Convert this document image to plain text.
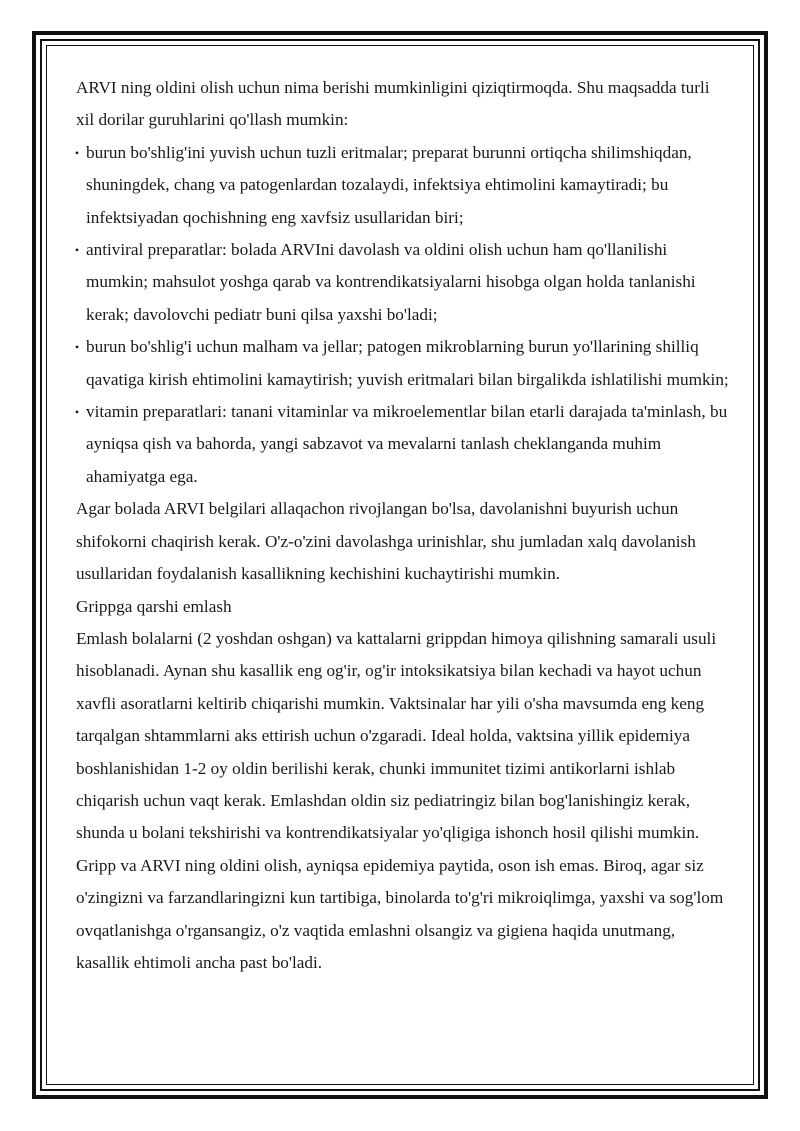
ARVI ning oldini olish uchun nima berishi mumkinligini qiziqtirmoqda. Shu maqsadda turli xil dorilar guruhlarini qo'llash mumkin:

• burun bo'shlig'ini yuvish uchun tuzli eritmalar; preparat burunni ortiqcha shilimshiqdan, shuningdek, chang va patogenlardan tozalaydi, infektsiya ehtimolini kamaytiradi; bu infektsiyadan qochishning eng xavfsiz usullaridan biri;
• antiviral preparatlar: bolada ARVIni davolash va oldini olish uchun ham qo'llanilishi mumkin; mahsulot yoshga qarab va kontrendikatsiyalarni hisobga olgan holda tanlanishi kerak; davolovchi pediatr buni qilsa yaxshi bo'ladi;
• burun bo'shlig'i uchun malham va jellar; patogen mikroblarning burun yo'llarining shilliq qavatiga kirish ehtimolini kamaytirish; yuvish eritmalari bilan birgalikda ishlatilishi mumkin;
• vitamin preparatlari: tanani vitaminlar va mikroelementlar bilan etarli darajada ta'minlash, bu ayniqsa qish va bahorda, yangi sabzavot va mevalarni tanlash cheklanganda muhim ahamiyatga ega.

Agar bolada ARVI belgilari allaqachon rivojlangan bo'lsa, davolanishni buyurish uchun shifokorni chaqirish kerak. O'z-o'zini davolashga urinishlar, shu jumladan xalq davolanish usullaridan foydalanish kasallikning kechishini kuchaytirishi mumkin.

Grippga qarshi emlash

Emlash bolalarni (2 yoshdan oshgan) va kattalarni grippdan himoya qilishning samarali usuli hisoblanadi. Aynan shu kasallik eng og'ir, og'ir intoksikatsiya bilan kechadi va hayot uchun xavfli asoratlarni keltirib chiqarishi mumkin. Vaktsinalar har yili o'sha mavsumda eng keng tarqalgan shtammlarni aks ettirish uchun o'zgaradi. Ideal holda, vaktsina yillik epidemiya boshlanishidan 1-2 oy oldin berilishi kerak, chunki immunitet tizimi antikorlarni ishlab chiqarish uchun vaqt kerak. Emlashdan oldin siz pediatringiz bilan bog'lanishingiz kerak, shunda u bolani tekshirishi va kontrendikatsiyalar yo'qligiga ishonch hosil qilishi mumkin.

Gripp va ARVI ning oldini olish, ayniqsa epidemiya paytida, oson ish emas. Biroq, agar siz o'zingizni va farzandlaringizni kun tartibiga, binolarda to'g'ri mikroiqlimga, yaxshi va sog'lom ovqatlanishga o'rgansangiz, o'z vaqtida emlashni olsangiz va gigiena haqida unutmang, kasallik ehtimoli ancha past bo'ladi.
